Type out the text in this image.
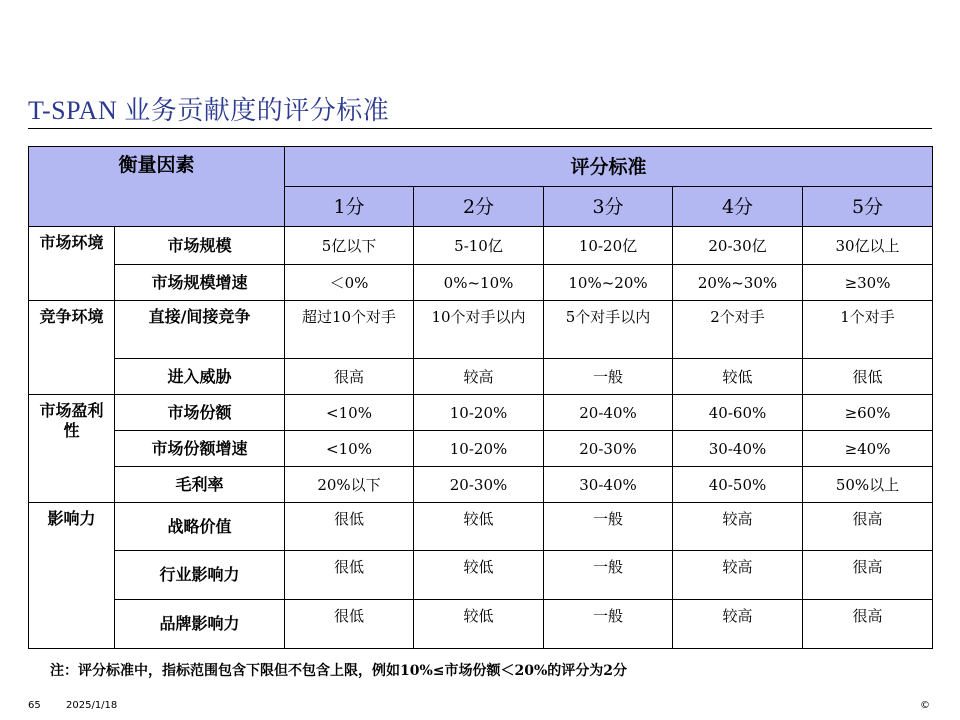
T-SPAN 业务贡献度的评分标准
衡量因素		评分标准				
		1分	2分	3分	4分	5分
市场环境	市场规模	5亿以下	5-10亿	10-20亿	20-30亿	30亿以上
	市场规模增速	＜0%	0%~10%	10%~20%	20%~30%	≥30%
竞争环境	直接/间接竞争	超过10个对手	10个对手以内	5个对手以内	2个对手	1个对手
	进入威胁	很高	较高	一般	较低	很低
市场盈利性	市场份额	<10%	10-20%	20-40%	40-60%	≥60%
	市场份额增速	<10%	10-20%	20-30%	30-40%	≥40%
	毛利率	20%以下	20-30%	30-40%	40-50%	50%以上
影响力	战略价值	很低	较低	一般	较高	很高
	行业影响力	很低	较低	一般	较高	很高
	品牌影响力	很低	较低	一般	较高	很高
注：评分标准中，指标范围包含下限但不包含上限，例如10%≤市场份额＜20%的评分为2分
65	2025/1/18	©
